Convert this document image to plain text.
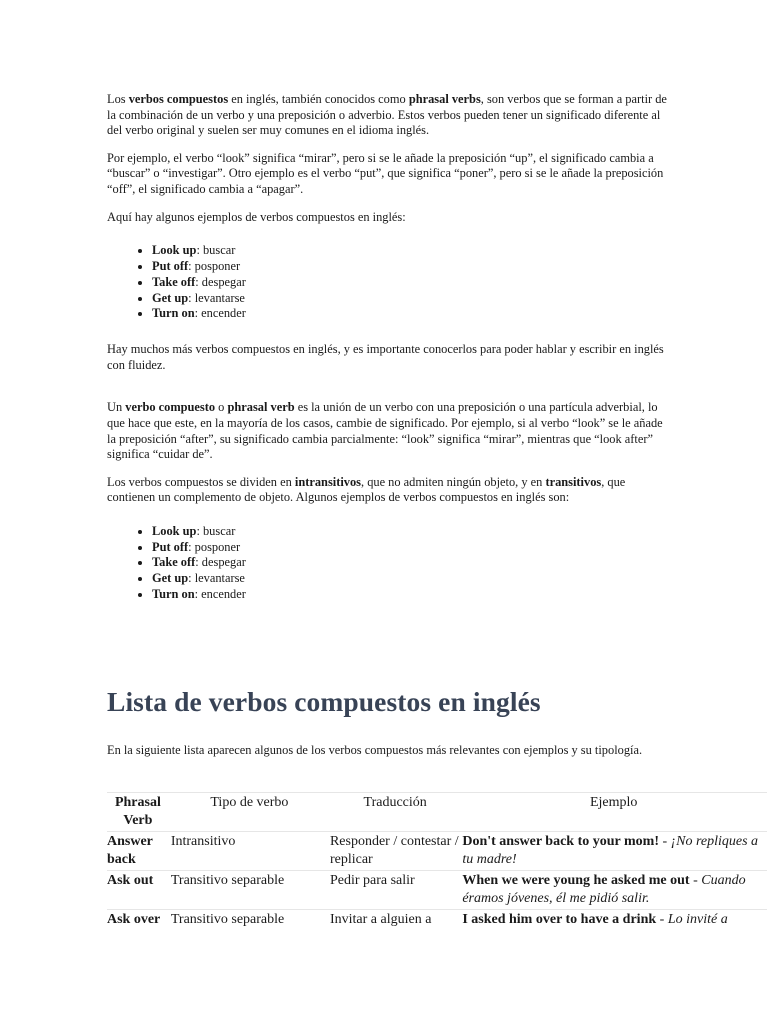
Los verbos compuestos en inglés, también conocidos como phrasal verbs, son verbos que se forman a partir de la combinación de un verbo y una preposición o adverbio. Estos verbos pueden tener un significado diferente al del verbo original y suelen ser muy comunes en el idioma inglés.

Por ejemplo, el verbo “look” significa “mirar”, pero si se le añade la preposición “up”, el significado cambia a “buscar” o “investigar”. Otro ejemplo es el verbo “put”, que significa “poner”, pero si se le añade la preposición “off”, el significado cambia a “apagar”.

Aquí hay algunos ejemplos de verbos compuestos en inglés:

• Look up: buscar
• Put off: posponer
• Take off: despegar
• Get up: levantarse
• Turn on: encender

Hay muchos más verbos compuestos en inglés, y es importante conocerlos para poder hablar y escribir en inglés con fluidez.

Un verbo compuesto o phrasal verb es la unión de un verbo con una preposición o una partícula adverbial, lo que hace que este, en la mayoría de los casos, cambie de significado. Por ejemplo, si al verbo “look” se le añade la preposición “after”, su significado cambia parcialmente: “look” significa “mirar”, mientras que “look after” significa “cuidar de”.

Los verbos compuestos se dividen en intransitivos, que no admiten ningún objeto, y en transitivos, que contienen un complemento de objeto. Algunos ejemplos de verbos compuestos en inglés son:

• Look up: buscar
• Put off: posponer
• Take off: despegar
• Get up: levantarse
• Turn on: encender
Lista de verbos compuestos en inglés

En la siguiente lista aparecen algunos de los verbos compuestos más relevantes con ejemplos y su tipología.

Phrasal Verb	Tipo de verbo	Traducción	Ejemplo
Answer back	Intransitivo	Responder / contestar / replicar	Don't answer back to your mom! - ¡No repliques a tu madre!
Ask out	Transitivo separable	Pedir para salir	When we were young he asked me out - Cuando éramos jóvenes, él me pidió salir.
Ask over	Transitivo separable	Invitar a alguien a	I asked him over to have a drink - Lo invité a
